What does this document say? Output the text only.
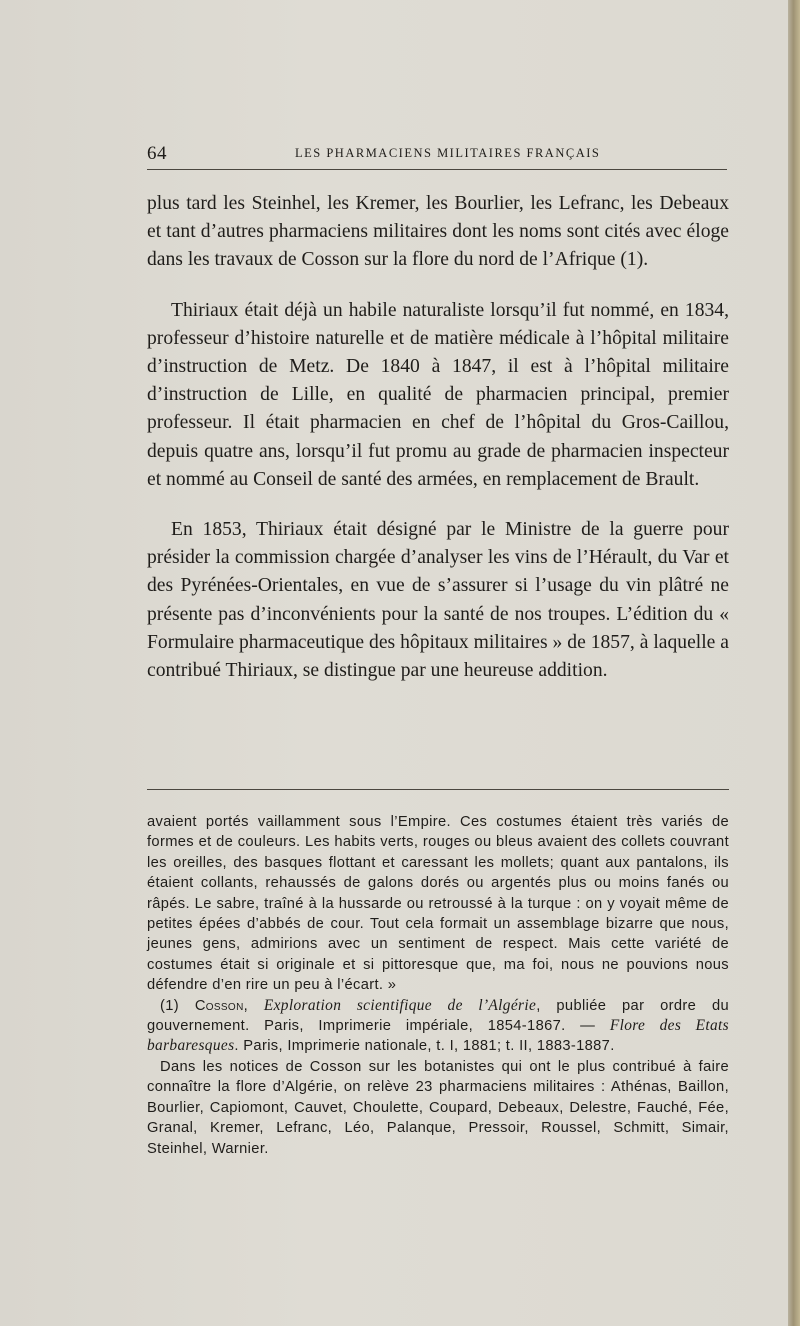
64	LES PHARMACIENS MILITAIRES FRANÇAIS

plus tard les Steinhel, les Kremer, les Bourlier, les Lefranc, les Debeaux et tant d’autres pharmaciens militaires dont les noms sont cités avec éloge dans les travaux de Cosson sur la flore du nord de l’Afrique (1).

Thiriaux était déjà un habile naturaliste lorsqu’il fut nommé, en 1834, professeur d’histoire naturelle et de matière médicale à l’hôpital militaire d’instruction de Metz. De 1840 à 1847, il est à l’hôpital militaire d’instruction de Lille, en qualité de pharmacien principal, premier professeur. Il était pharmacien en chef de l’hôpital du Gros-Caillou, depuis quatre ans, lorsqu’il fut promu au grade de pharmacien inspecteur et nommé au Conseil de santé des armées, en remplacement de Brault.

En 1853, Thiriaux était désigné par le Ministre de la guerre pour présider la commission chargée d’analyser les vins de l’Hérault, du Var et des Pyrénées-Orientales, en vue de s’assurer si l’usage du vin plâtré ne présente pas d’inconvénients pour la santé de nos troupes. L’édition du « Formulaire pharmaceutique des hôpitaux militaires » de 1857, à laquelle a contribué Thiriaux, se distingue par une heureuse addition.

avaient portés vaillamment sous l’Empire. Ces costumes étaient très variés de formes et de couleurs. Les habits verts, rouges ou bleus avaient des collets couvrant les oreilles, des basques flottant et caressant les mollets; quant aux pantalons, ils étaient collants, rehaussés de galons dorés ou argentés plus ou moins fanés ou râpés. Le sabre, traîné à la hussarde ou retroussé à la turque : on y voyait même de petites épées d’abbés de cour. Tout cela formait un assemblage bizarre que nous, jeunes gens, admirions avec un sentiment de respect. Mais cette variété de costumes était si originale et si pittoresque que, ma foi, nous ne pouvions nous défendre d’en rire un peu à l’écart. »

(1) Cosson, Exploration scientifique de l’Algérie, publiée par ordre du gouvernement. Paris, Imprimerie impériale, 1854-1867. — Flore des Etats barbaresques. Paris, Imprimerie nationale, t. I, 1881; t. II, 1883-1887.

Dans les notices de Cosson sur les botanistes qui ont le plus contribué à faire connaître la flore d’Algérie, on relève 23 pharmaciens militaires : Athénas, Baillon, Bourlier, Capiomont, Cauvet, Choulette, Coupard, Debeaux, Delestre, Fauché, Fée, Granal, Kremer, Lefranc, Léo, Palanque, Pressoir, Roussel, Schmitt, Simair, Steinhel, Warnier.
